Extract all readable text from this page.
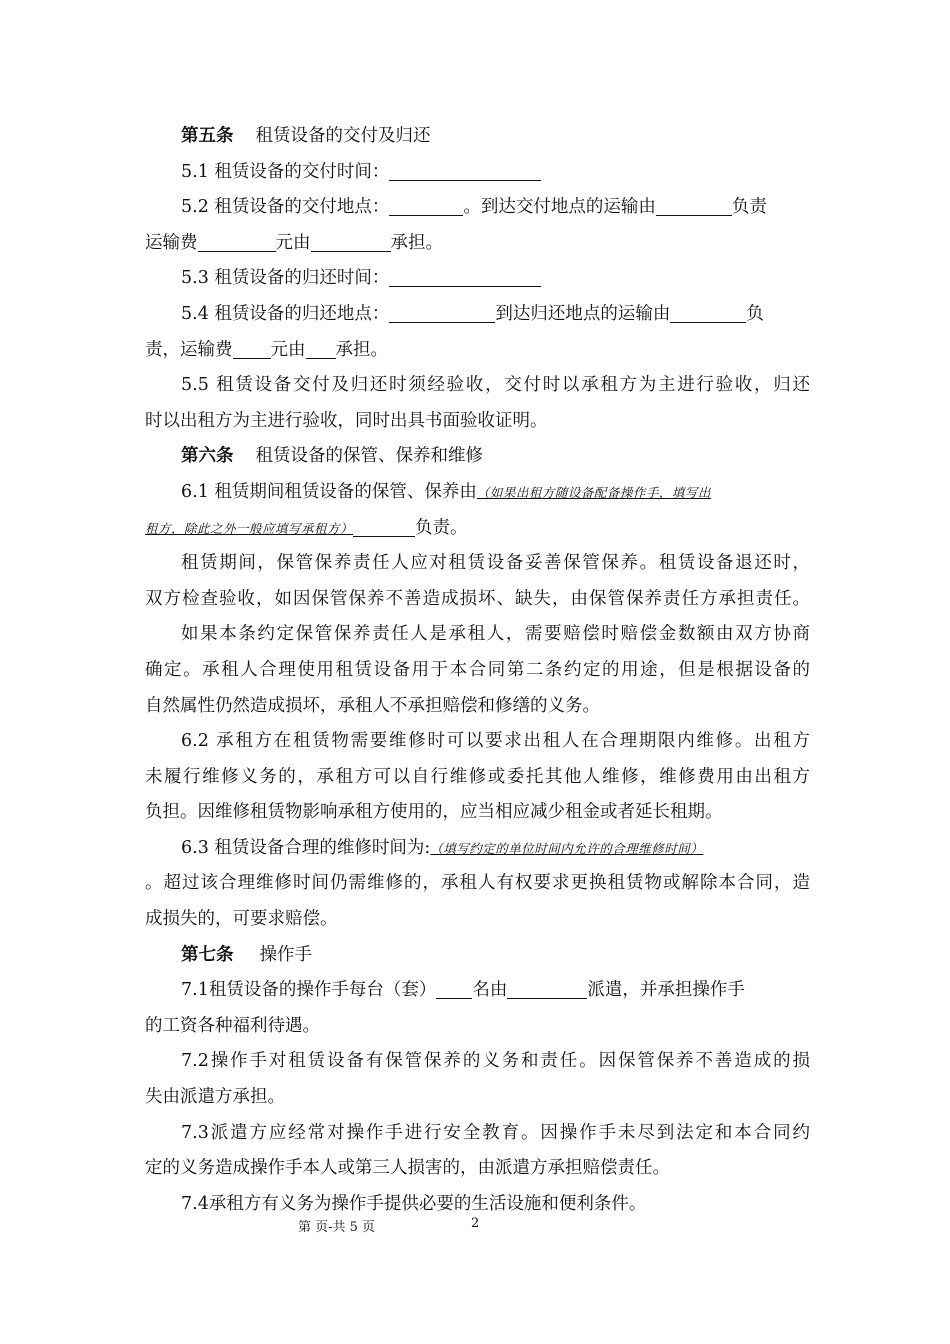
第五条 租赁设备的交付及归还
5.1 租赁设备的交付时间：
5.2 租赁设备的交付地点：	。到达交付地点的运输由	负责
运输费	元由	承担。
5.3 租赁设备的归还时间：
5.4 租赁设备的归还地点：	到达归还地点的运输由	负
责，运输费 元由 承担。
5.5 租赁设备交付及归还时须经验收，交付时以承租方为主进行验收，归还
时以出租方为主进行验收，同时出具书面验收证明。
第六条 租赁设备的保管、保养和维修
6.1 租赁期间租赁设备的保管、保养由（如果出租方随设备配备操作手，填写出
租方，除此之外一般应填写承租方）	负责。
租赁期间，保管保养责任人应对租赁设备妥善保管保养。租赁设备退还时，
双方检查验收，如因保管保养不善造成损坏、缺失，由保管保养责任方承担责任。
如果本条约定保管保养责任人是承租人，需要赔偿时赔偿金数额由双方协商
确定。承租人合理使用租赁设备用于本合同第二条约定的用途，但是根据设备的
自然属性仍然造成损坏，承租人不承担赔偿和修缮的义务。
6.2 承租方在租赁物需要维修时可以要求出租人在合理期限内维修。出租方
未履行维修义务的，承租方可以自行维修或委托其他人维修，维修费用由出租方
负担。因维修租赁物影响承租方使用的，应当相应减少租金或者延长租期。
6.3 租赁设备合理的维修时间为:（填写约定的单位时间内允许的合理维修时间）
。超过该合理维修时间仍需维修的，承租人有权要求更换租赁物或解除本合同，造
成损失的，可要求赔偿。
第七条 操作手
7.1租赁设备的操作手每台（套） 名由	派遣，并承担操作手
的工资各种福利待遇。
7.2操作手对租赁设备有保管保养的义务和责任。因保管保养不善造成的损
失由派遣方承担。
7.3派遣方应经常对操作手进行安全教育。因操作手未尽到法定和本合同约
定的义务造成操作手本人或第三人损害的，由派遣方承担赔偿责任。
7.4承租方有义务为操作手提供必要的生活设施和便利条件。
第 页-共 5 页	2
